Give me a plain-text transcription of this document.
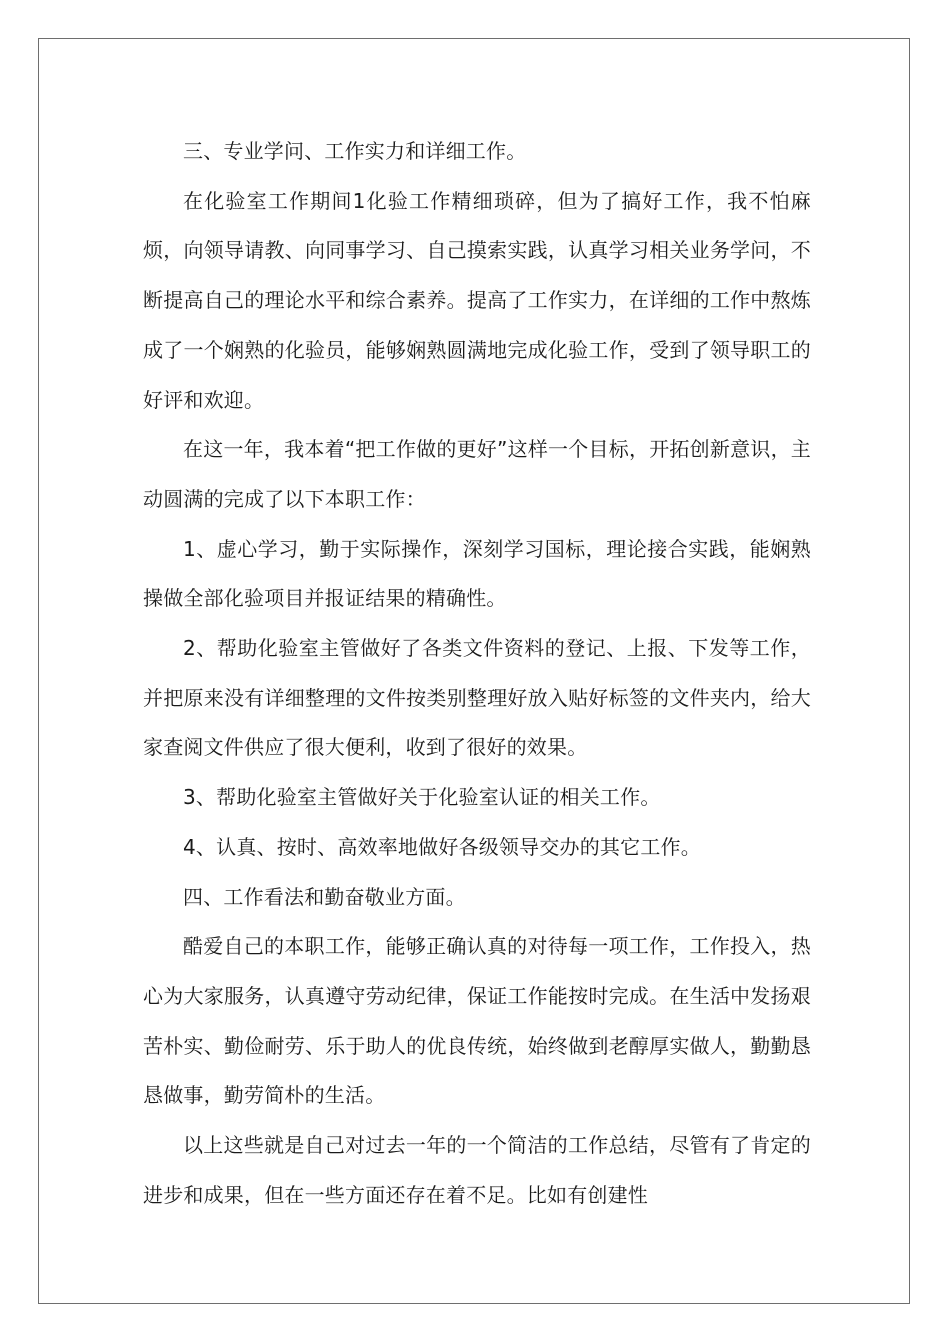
三、专业学问、工作实力和详细工作。

在化验室工作期间1化验工作精细琐碎，但为了搞好工作，我不怕麻烦，向领导请教、向同事学习、自己摸索实践，认真学习相关业务学问，不断提高自己的理论水平和综合素养。提高了工作实力，在详细的工作中熬炼成了一个娴熟的化验员，能够娴熟圆满地完成化验工作，受到了领导职工的好评和欢迎。

在这一年，我本着“把工作做的更好”这样一个目标，开拓创新意识，主动圆满的完成了以下本职工作：

1、虚心学习，勤于实际操作，深刻学习国标，理论接合实践，能娴熟操做全部化验项目并报证结果的精确性。

2、帮助化验室主管做好了各类文件资料的登记、上报、下发等工作，并把原来没有详细整理的文件按类别整理好放入贴好标签的文件夹内，给大家查阅文件供应了很大便利，收到了很好的效果。

3、帮助化验室主管做好关于化验室认证的相关工作。

4、认真、按时、高效率地做好各级领导交办的其它工作。

四、工作看法和勤奋敬业方面。

酷爱自己的本职工作，能够正确认真的对待每一项工作，工作投入，热心为大家服务，认真遵守劳动纪律，保证工作能按时完成。在生活中发扬艰苦朴实、勤俭耐劳、乐于助人的优良传统，始终做到老醇厚实做人，勤勤恳恳做事，勤劳简朴的生活。

以上这些就是自己对过去一年的一个简洁的工作总结，尽管有了肯定的进步和成果，但在一些方面还存在着不足。比如有创建性
